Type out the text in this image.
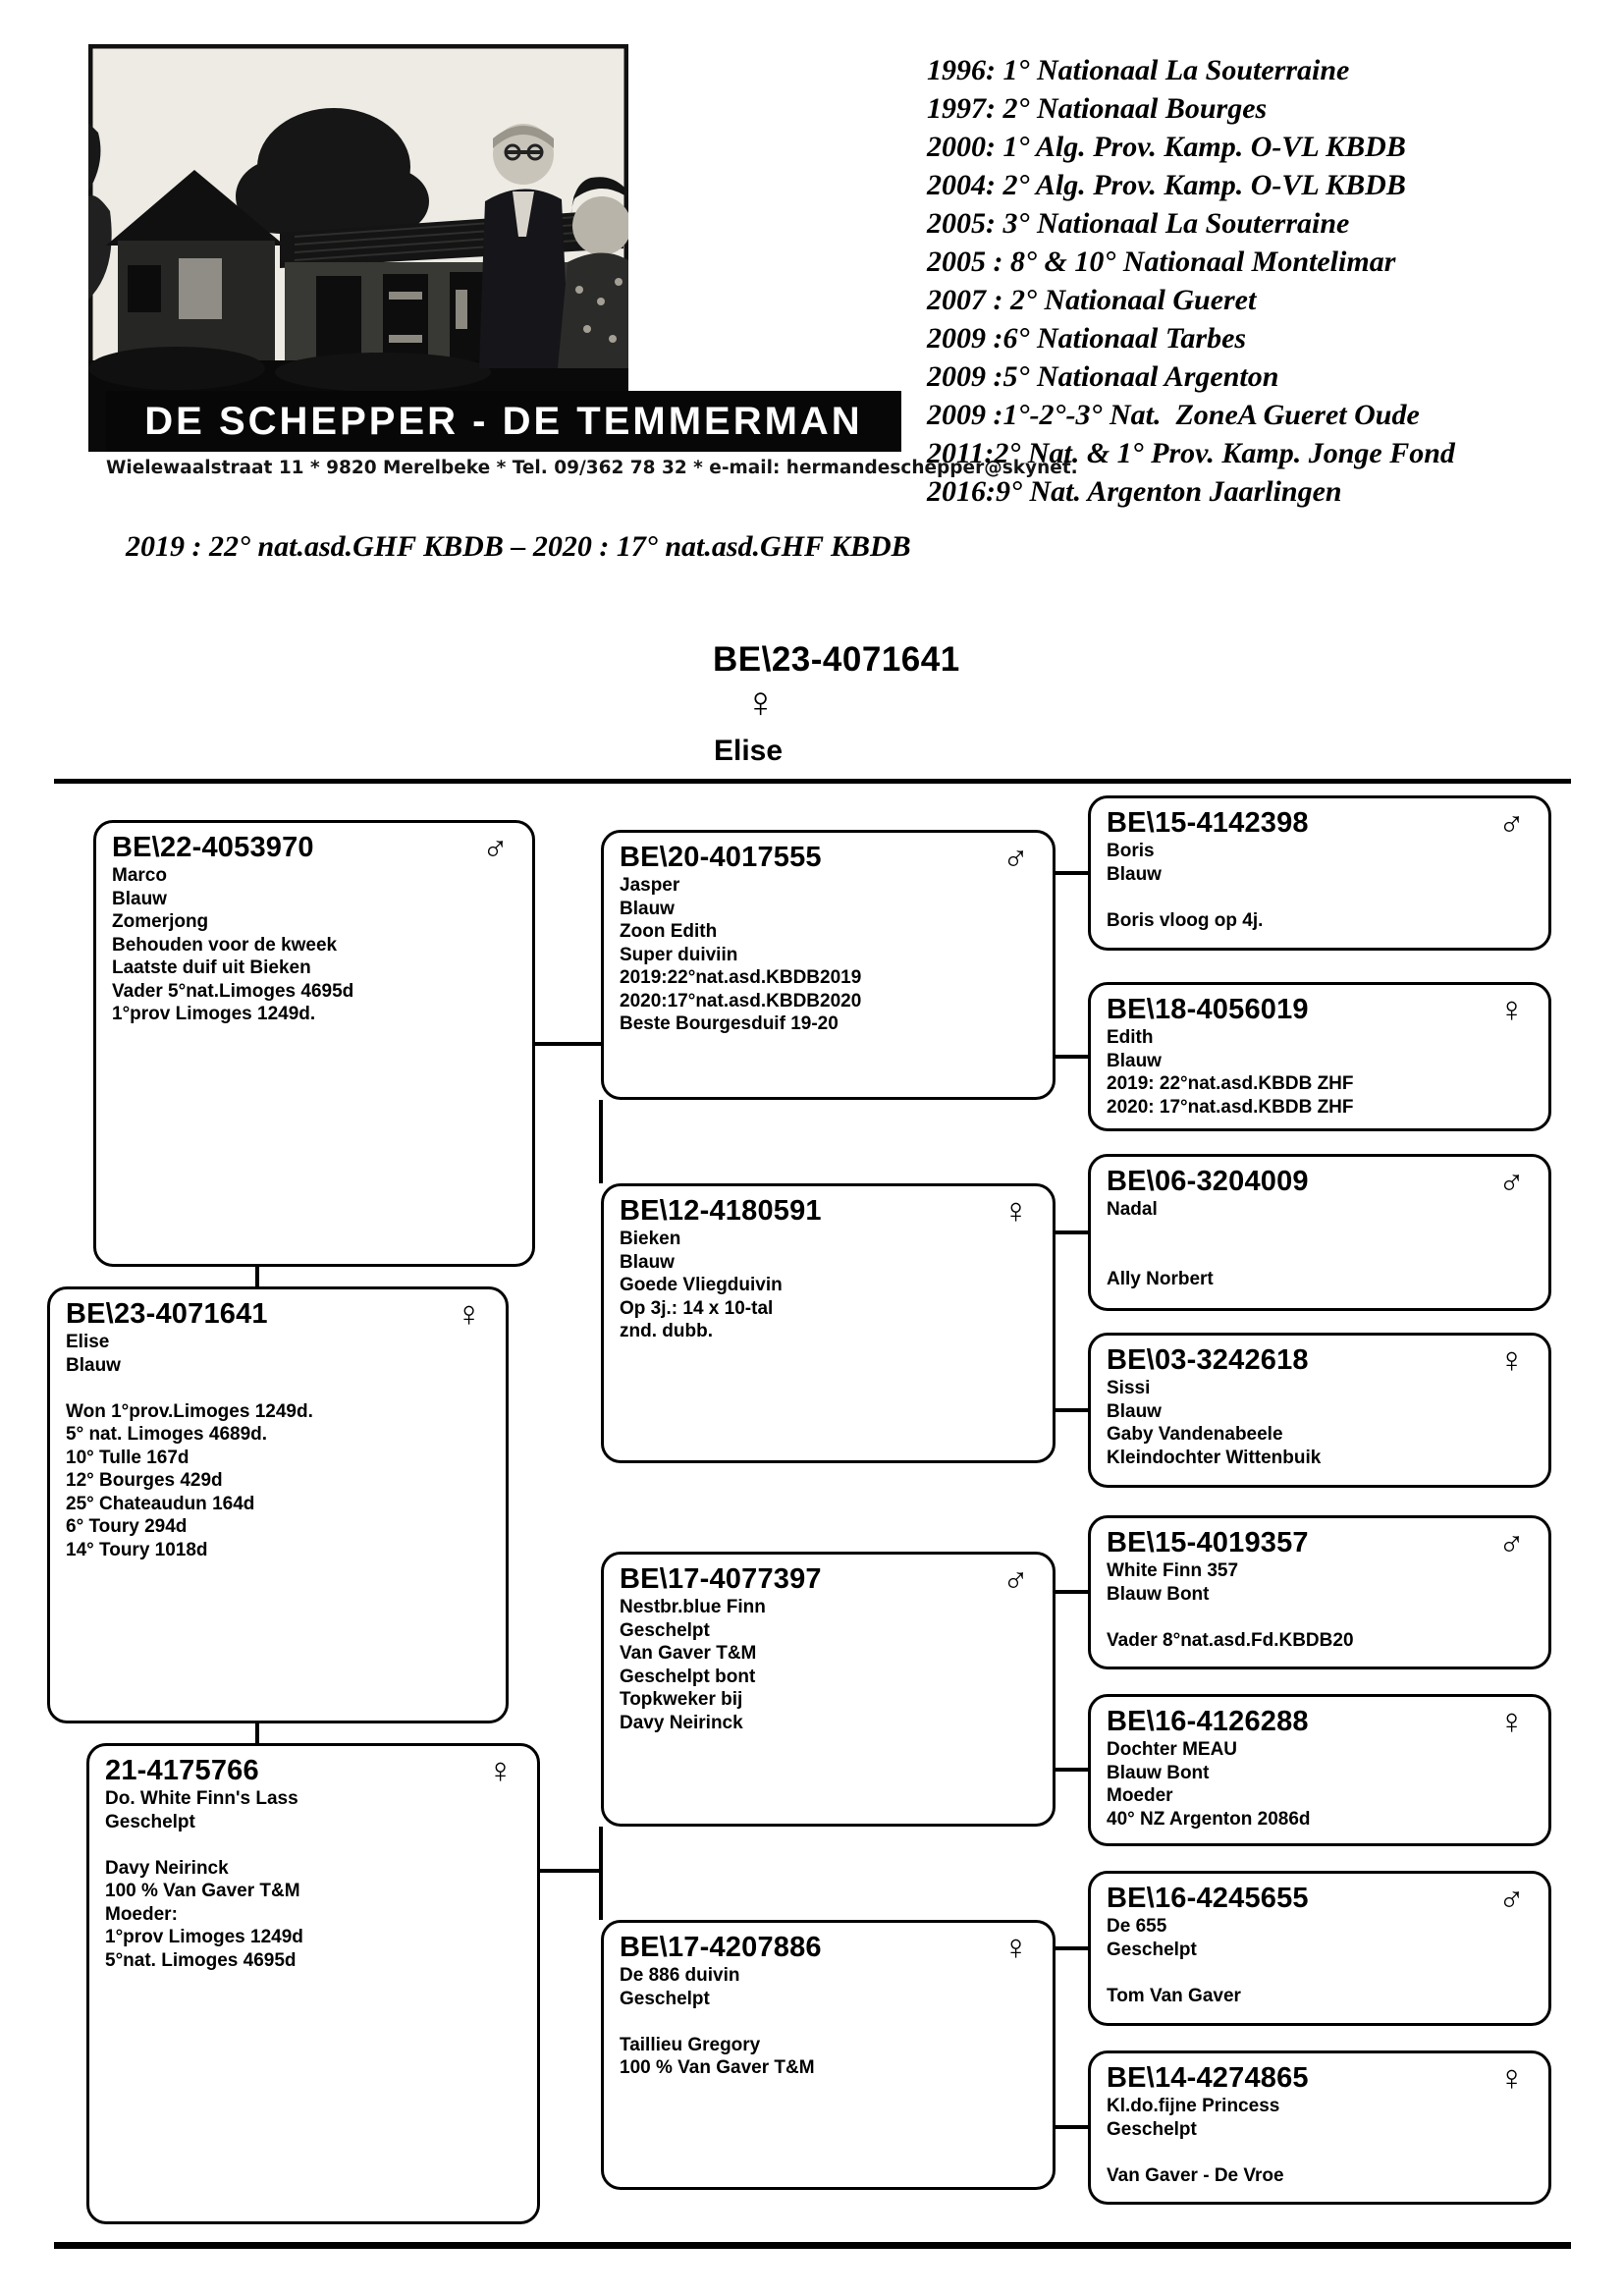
DE SCHEPPER - DE TEMMERMAN
Wielewaalstraat 11 * 9820 Merelbeke * Tel. 09/362 78 32 * e-mail: hermandeschepper@skynet.
1996: 1° Nationaal La Souterraine
1997: 2° Nationaal Bourges
2000: 1° Alg. Prov. Kamp. O-VL KBDB
2004: 2° Alg. Prov. Kamp. O-VL KBDB
2005: 3° Nationaal La Souterraine
2005 : 8° & 10° Nationaal Montelimar
2007 : 2° Nationaal Gueret
2009 :6° Nationaal Tarbes
2009 :5° Nationaal Argenton
2009 :1°-2°-3° Nat.  ZoneA Gueret Oude
2011:2° Nat. & 1° Prov. Kamp. Jonge Fond
2016:9° Nat. Argenton Jaarlingen
2019 : 22° nat.asd.GHF KBDB – 2020 : 17° nat.asd.GHF KBDB
BE\23-4071641
♀
Elise
BE\22-4053970	♂
Marco
Blauw
Zomerjong
Behouden voor de kweek
Laatste duif uit Bieken
Vader 5°nat.Limoges 4695d
1°prov Limoges 1249d.
BE\23-4071641	♀
Elise
Blauw
Won 1°prov.Limoges 1249d.
5° nat. Limoges 4689d.
10° Tulle 167d
12° Bourges 429d
25° Chateaudun 164d
6° Toury 294d
14° Toury 1018d
21-4175766	♀
Do. White Finn's Lass
Geschelpt
Davy Neirinck
100 % Van Gaver T&M
Moeder:
1°prov Limoges 1249d
5°nat. Limoges 4695d
BE\20-4017555	♂
Jasper
Blauw
Zoon Edith
Super duiviin
2019:22°nat.asd.KBDB2019
2020:17°nat.asd.KBDB2020
Beste Bourgesduif 19-20
BE\12-4180591	♀
Bieken
Blauw
Goede Vliegduivin
Op 3j.: 14 x 10-tal
znd. dubb.
BE\17-4077397	♂
Nestbr.blue Finn
Geschelpt
Van Gaver T&M
Geschelpt bont
Topkweker bij
Davy Neirinck
BE\17-4207886	♀
De 886 duivin
Geschelpt
Taillieu Gregory
100 % Van Gaver T&M
BE\15-4142398	♂
Boris
Blauw
Boris vloog op 4j.
BE\18-4056019	♀
Edith
Blauw
2019: 22°nat.asd.KBDB ZHF
2020: 17°nat.asd.KBDB ZHF
BE\06-3204009	♂
Nadal
Ally Norbert
BE\03-3242618	♀
Sissi
Blauw
Gaby Vandenabeele
Kleindochter Wittenbuik
BE\15-4019357	♂
White Finn 357
Blauw Bont
Vader 8°nat.asd.Fd.KBDB20
BE\16-4126288	♀
Dochter MEAU
Blauw Bont
Moeder
40° NZ Argenton 2086d
BE\16-4245655	♂
De 655
Geschelpt
Tom Van Gaver
BE\14-4274865	♀
Kl.do.fijne Princess
Geschelpt
Van Gaver - De Vroe
